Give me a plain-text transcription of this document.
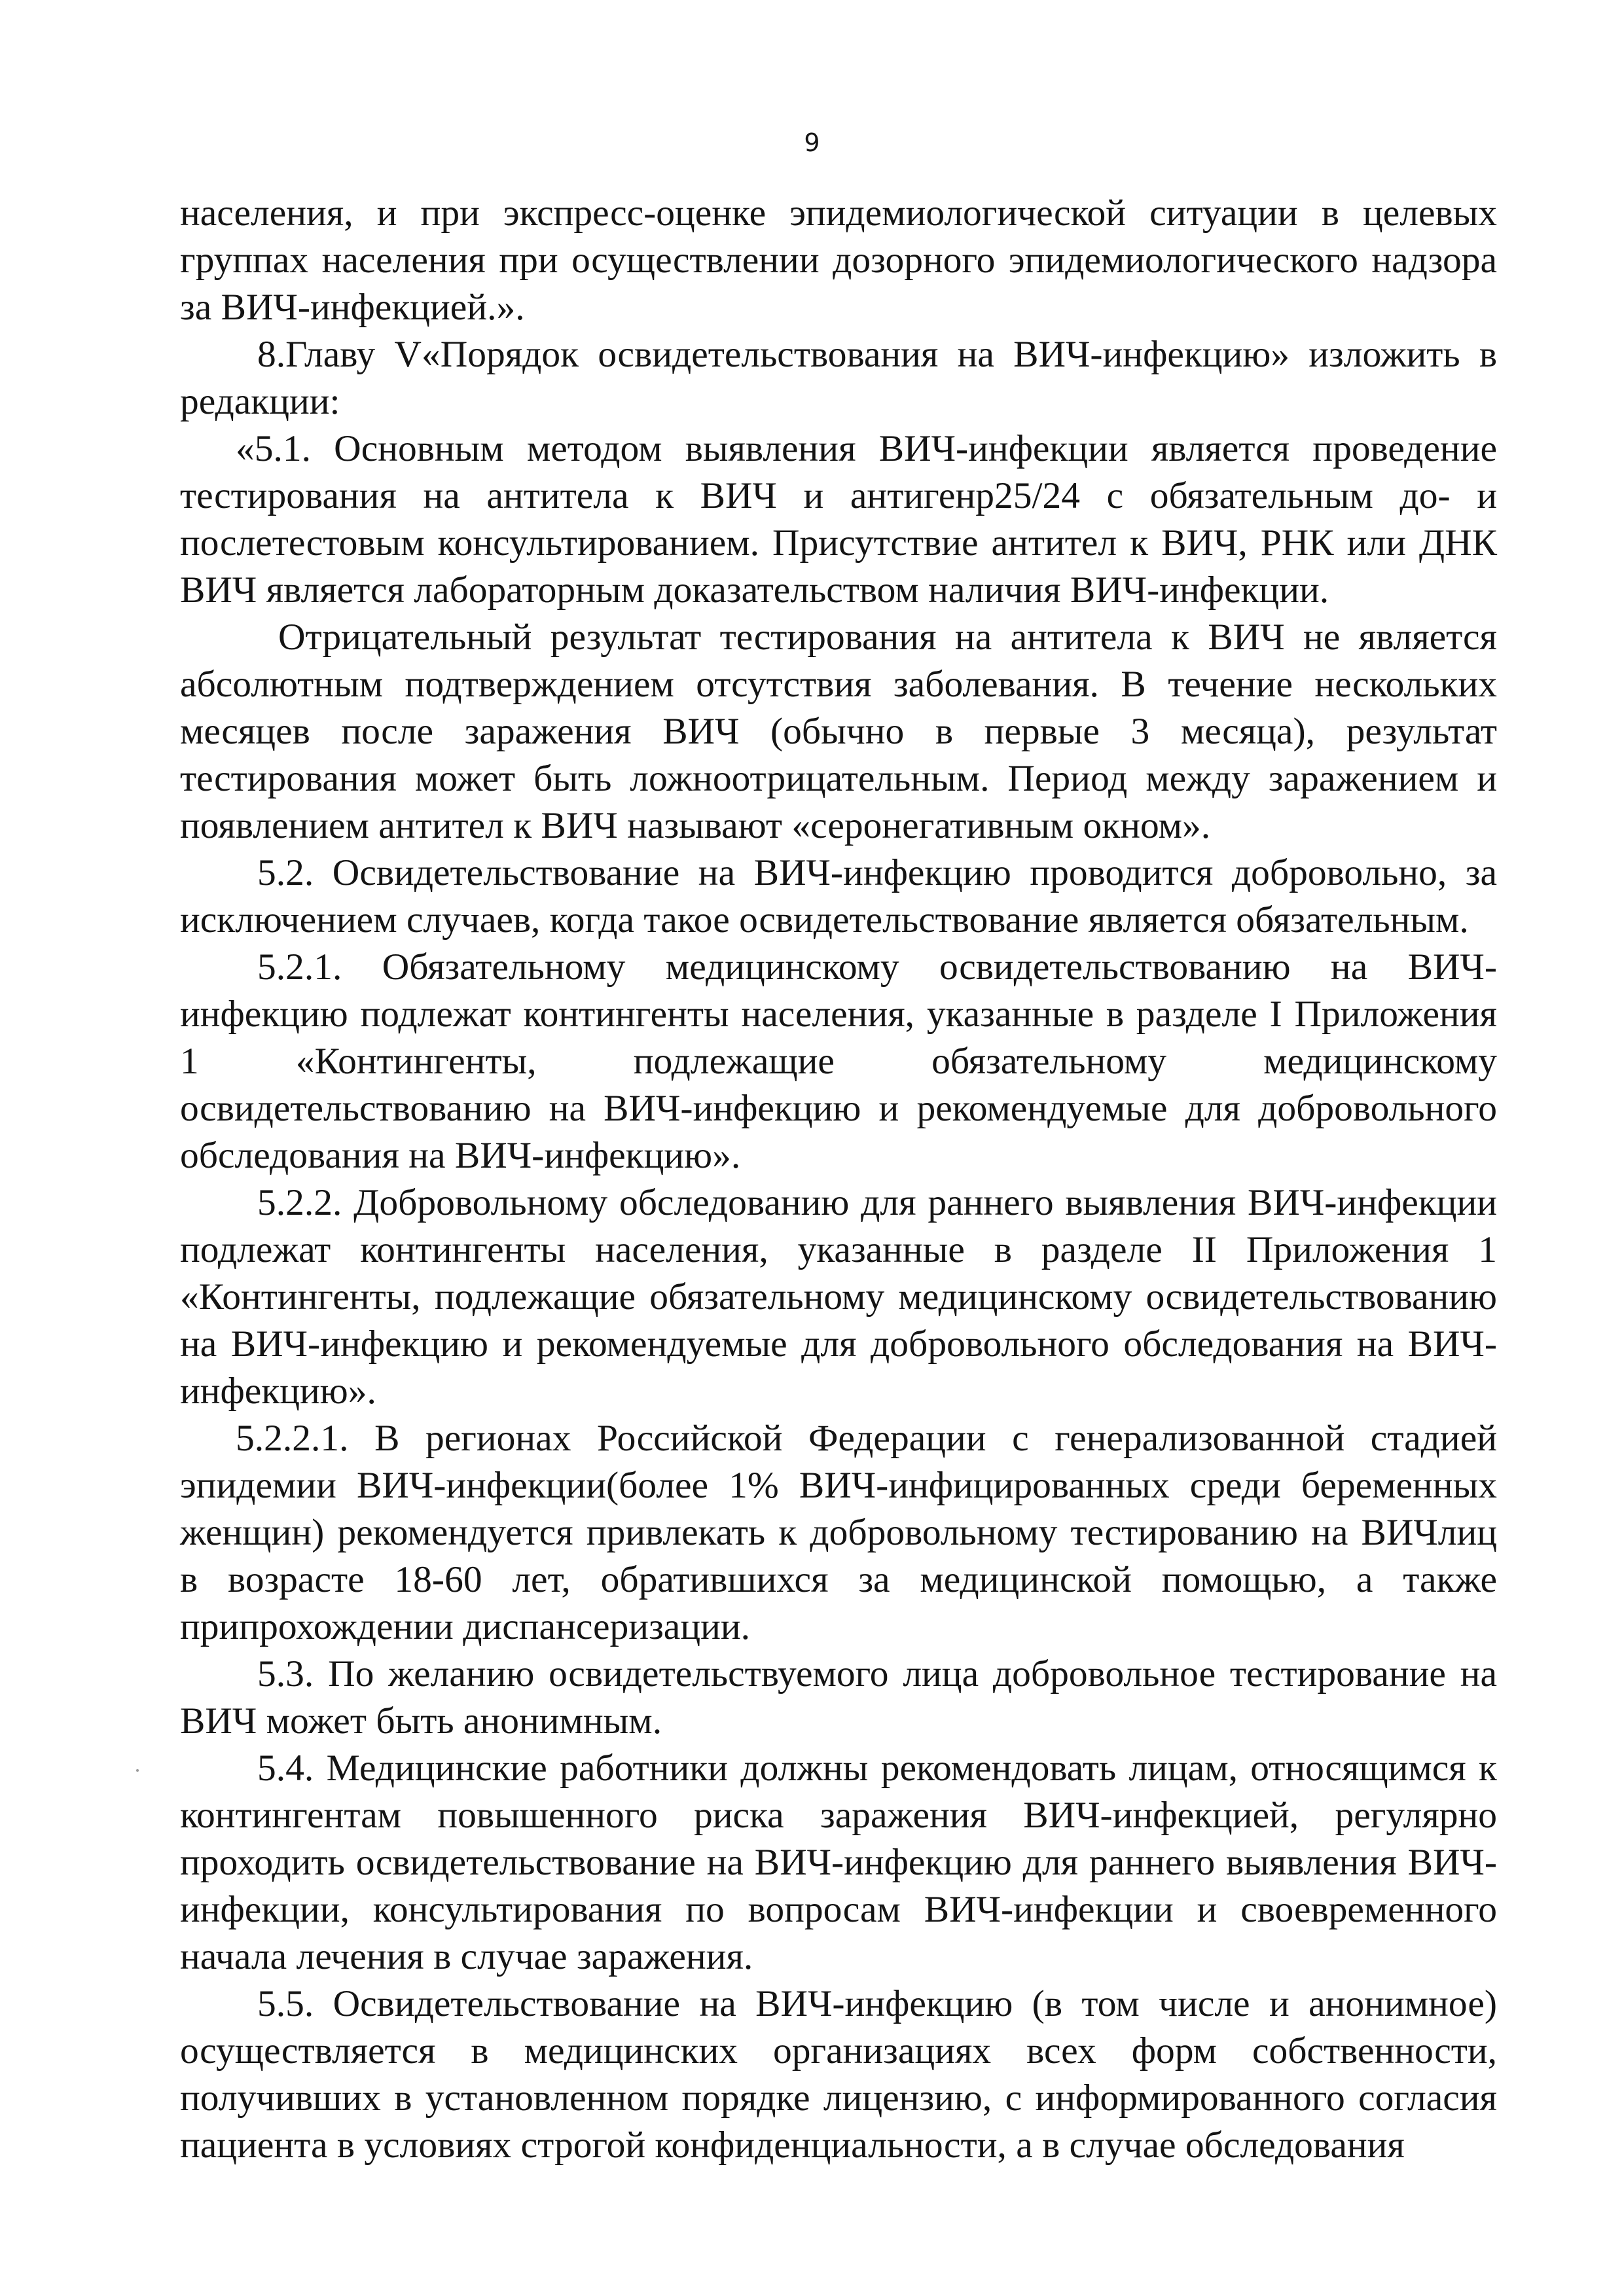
9

населения, и при экспресс-оценке эпидемиологической ситуации в целевых группах населения при осуществлении дозорного эпидемиологического надзора за ВИЧ-инфекцией.».

8.Главу V«Порядок освидетельствования на ВИЧ-инфекцию» изложить в редакции:

«5.1. Основным методом выявления ВИЧ-инфекции является проведение тестирования на антитела к ВИЧ и антигенр25/24 с обязательным до- и послетестовым консультированием. Присутствие антител к ВИЧ, РНК или ДНК ВИЧ является лабораторным доказательством наличия ВИЧ-инфекции.

Отрицательный результат тестирования на антитела к ВИЧ не является абсолютным подтверждением отсутствия заболевания. В течение нескольких месяцев после заражения ВИЧ (обычно в первые 3 месяца), результат тестирования может быть ложноотрицательным. Период между заражением и появлением антител к ВИЧ называют «серонегативным окном».

5.2. Освидетельствование на ВИЧ-инфекцию проводится добровольно, за исключением случаев, когда такое освидетельствование является обязательным.

5.2.1. Обязательному медицинскому освидетельствованию на ВИЧ-инфекцию подлежат контингенты населения, указанные в разделе I Приложения 1 «Контингенты, подлежащие обязательному медицинскому освидетельствованию на ВИЧ-инфекцию и рекомендуемые для добровольного обследования на ВИЧ-инфекцию».

5.2.2. Добровольному обследованию для раннего выявления ВИЧ-инфекции подлежат контингенты населения, указанные в разделе II Приложения 1 «Контингенты, подлежащие обязательному медицинскому освидетельствованию на ВИЧ-инфекцию и рекомендуемые для добровольного обследования на ВИЧ-инфекцию».

5.2.2.1. В регионах Российской Федерации с генерализованной стадией эпидемии ВИЧ-инфекции(более 1% ВИЧ-инфицированных среди беременных женщин) рекомендуется привлекать к добровольному тестированию на ВИЧлиц в возрасте 18-60 лет, обратившихся за медицинской помощью, а также припрохождении диспансеризации.

5.3. По желанию освидетельствуемого лица добровольное тестирование на ВИЧ может быть анонимным.

5.4. Медицинские работники должны рекомендовать лицам, относящимся к контингентам повышенного риска заражения ВИЧ-инфекцией, регулярно проходить освидетельствование на ВИЧ-инфекцию для раннего выявления ВИЧ-инфекции, консультирования по вопросам ВИЧ-инфекции и своевременного начала лечения в случае заражения.

5.5. Освидетельствование на ВИЧ-инфекцию (в том числе и анонимное) осуществляется в медицинских организациях всех форм собственности, получивших в установленном порядке лицензию, с информированного согласия пациента в условиях строгой конфиденциальности, а в случае обследования
